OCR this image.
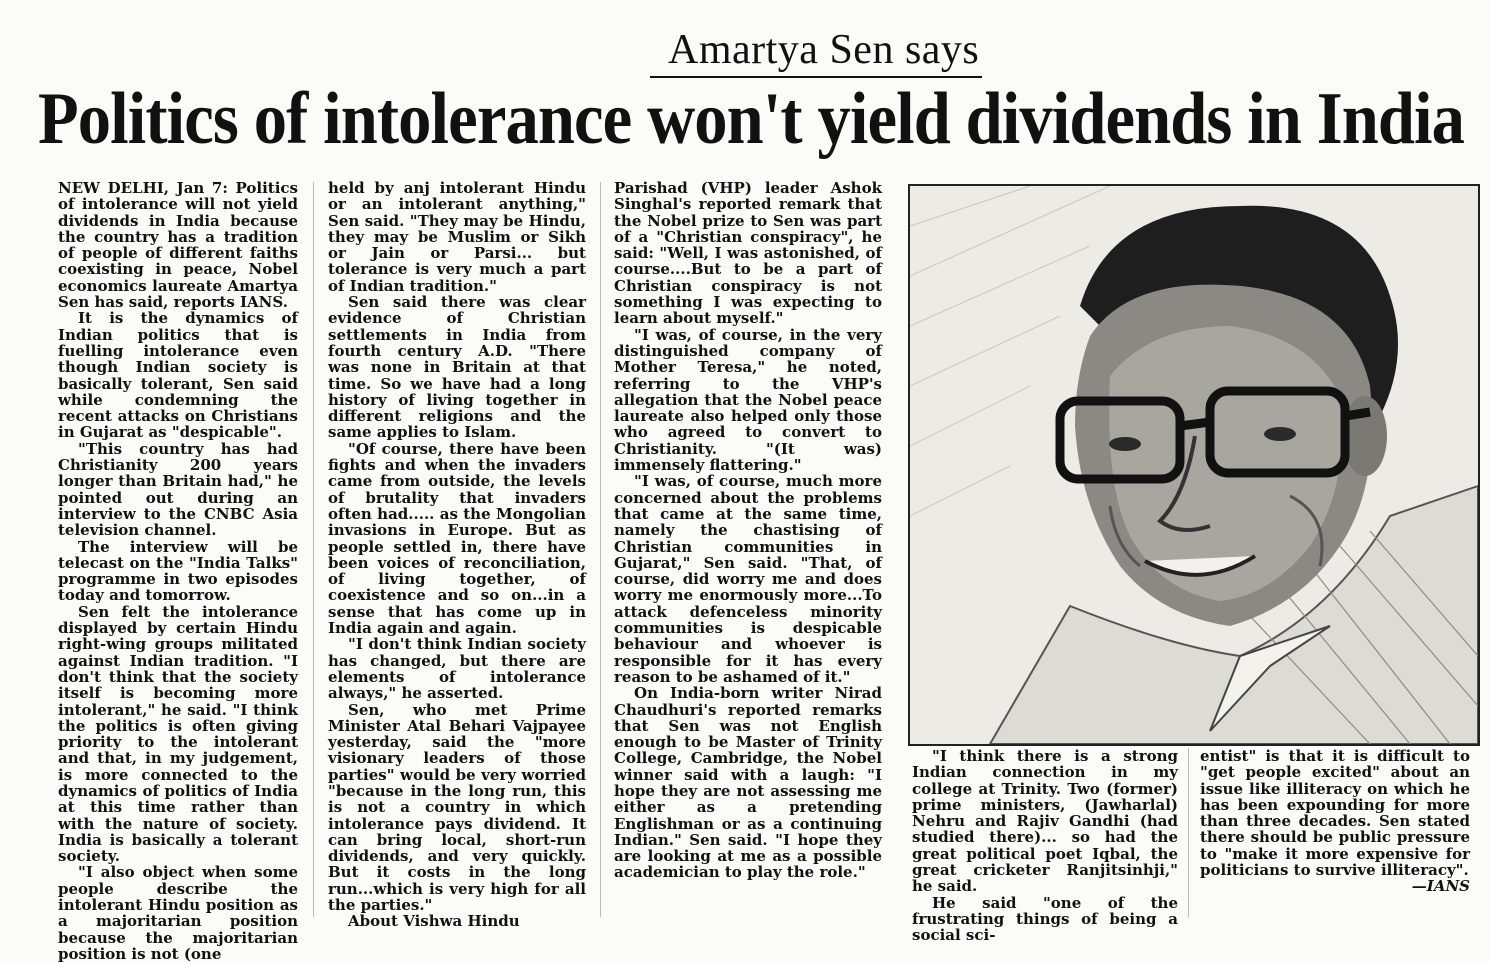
Amartya Sen says
Politics of intolerance won't yield dividends in India

NEW DELHI, Jan 7: Politics of intolerance will not yield dividends in India because the country has a tradition of people of different faiths coexisting in peace, Nobel economics laureate Amartya Sen has said, reports IANS.

It is the dynamics of Indian politics that is fuelling intolerance even though Indian society is basically tolerant, Sen said while condemning the recent attacks on Christians in Gujarat as "despicable".

"This country has had Christianity 200 years longer than Britain had," he pointed out during an interview to the CNBC Asia television channel.

The interview will be telecast on the "India Talks" programme in two episodes today and tomorrow.

Sen felt the intolerance displayed by certain Hindu right-wing groups militated against Indian tradition. "I don't think that the society itself is becoming more intolerant," he said. "I think the politics is often giving priority to the intolerant and that, in my judgement, is more connected to the dynamics of politics of India at this time rather than with the nature of society. India is basically a tolerant society.

"I also object when some people describe the intolerant Hindu position as a majoritarian position because the majoritarian position is not (one

held by anj intolerant Hindu or an intolerant anything," Sen said. "They may be Hindu, they may be Muslim or Sikh or Jain or Parsi... but tolerance is very much a part of Indian tradition."

Sen said there was clear evidence of Christian settlements in India from fourth century A.D. "There was none in Britain at that time. So we have had a long history of living together in different religions and the same applies to Islam.

"Of course, there have been fights and when the invaders came from outside, the levels of brutality that invaders often had..... as the Mongolian invasions in Europe. But as people settled in, there have been voices of reconciliation, of living together, of coexistence and so on...in a sense that has come up in India again and again.

"I don't think Indian society has changed, but there are elements of intolerance always," he asserted.

Sen, who met Prime Minister Atal Behari Vajpayee yesterday, said the "more visionary leaders of those parties" would be very worried "because in the long run, this is not a country in which intolerance pays dividend. It can bring local, short-run dividends, and very quickly. But it costs in the long run...which is very high for all the parties."

About Vishwa Hindu

Parishad (VHP) leader Ashok Singhal's reported remark that the Nobel prize to Sen was part of a "Christian conspiracy", he said: "Well, I was astonished, of course....But to be a part of Christian conspiracy is not something I was expecting to learn about myself."

"I was, of course, in the very distinguished company of Mother Teresa," he noted, referring to the VHP's allegation that the Nobel peace laureate also helped only those who agreed to convert to Christianity. "(It was) immensely flattering."

"I was, of course, much more concerned about the problems that came at the same time, namely the chastising of Christian communities in Gujarat," Sen said. "That, of course, did worry me and does worry me enormously more...To attack defenceless minority communities is despicable behaviour and whoever is responsible for it has every reason to be ashamed of it."

On India-born writer Nirad Chaudhuri's reported remarks that Sen was not English enough to be Master of Trinity College, Cambridge, the Nobel winner said with a laugh: "I hope they are not assessing me either as a pretending Englishman or as a continuing Indian." Sen said. "I hope they are looking at me as a possible academician to play the role."

"I think there is a strong Indian connection in my college at Trinity. Two (former) prime ministers, (Jawharlal) Nehru and Rajiv Gandhi (had studied there)... so had the great political poet Iqbal, the great cricketer Ranjitsinhji," he said.

He said "one of the frustrating things of being a social sci-

entist" is that it is difficult to "get people excited" about an issue like illiteracy on which he has been expounding for more than three decades. Sen stated there should be public pressure to "make it more expensive for politicians to survive illiteracy".

—IANS
